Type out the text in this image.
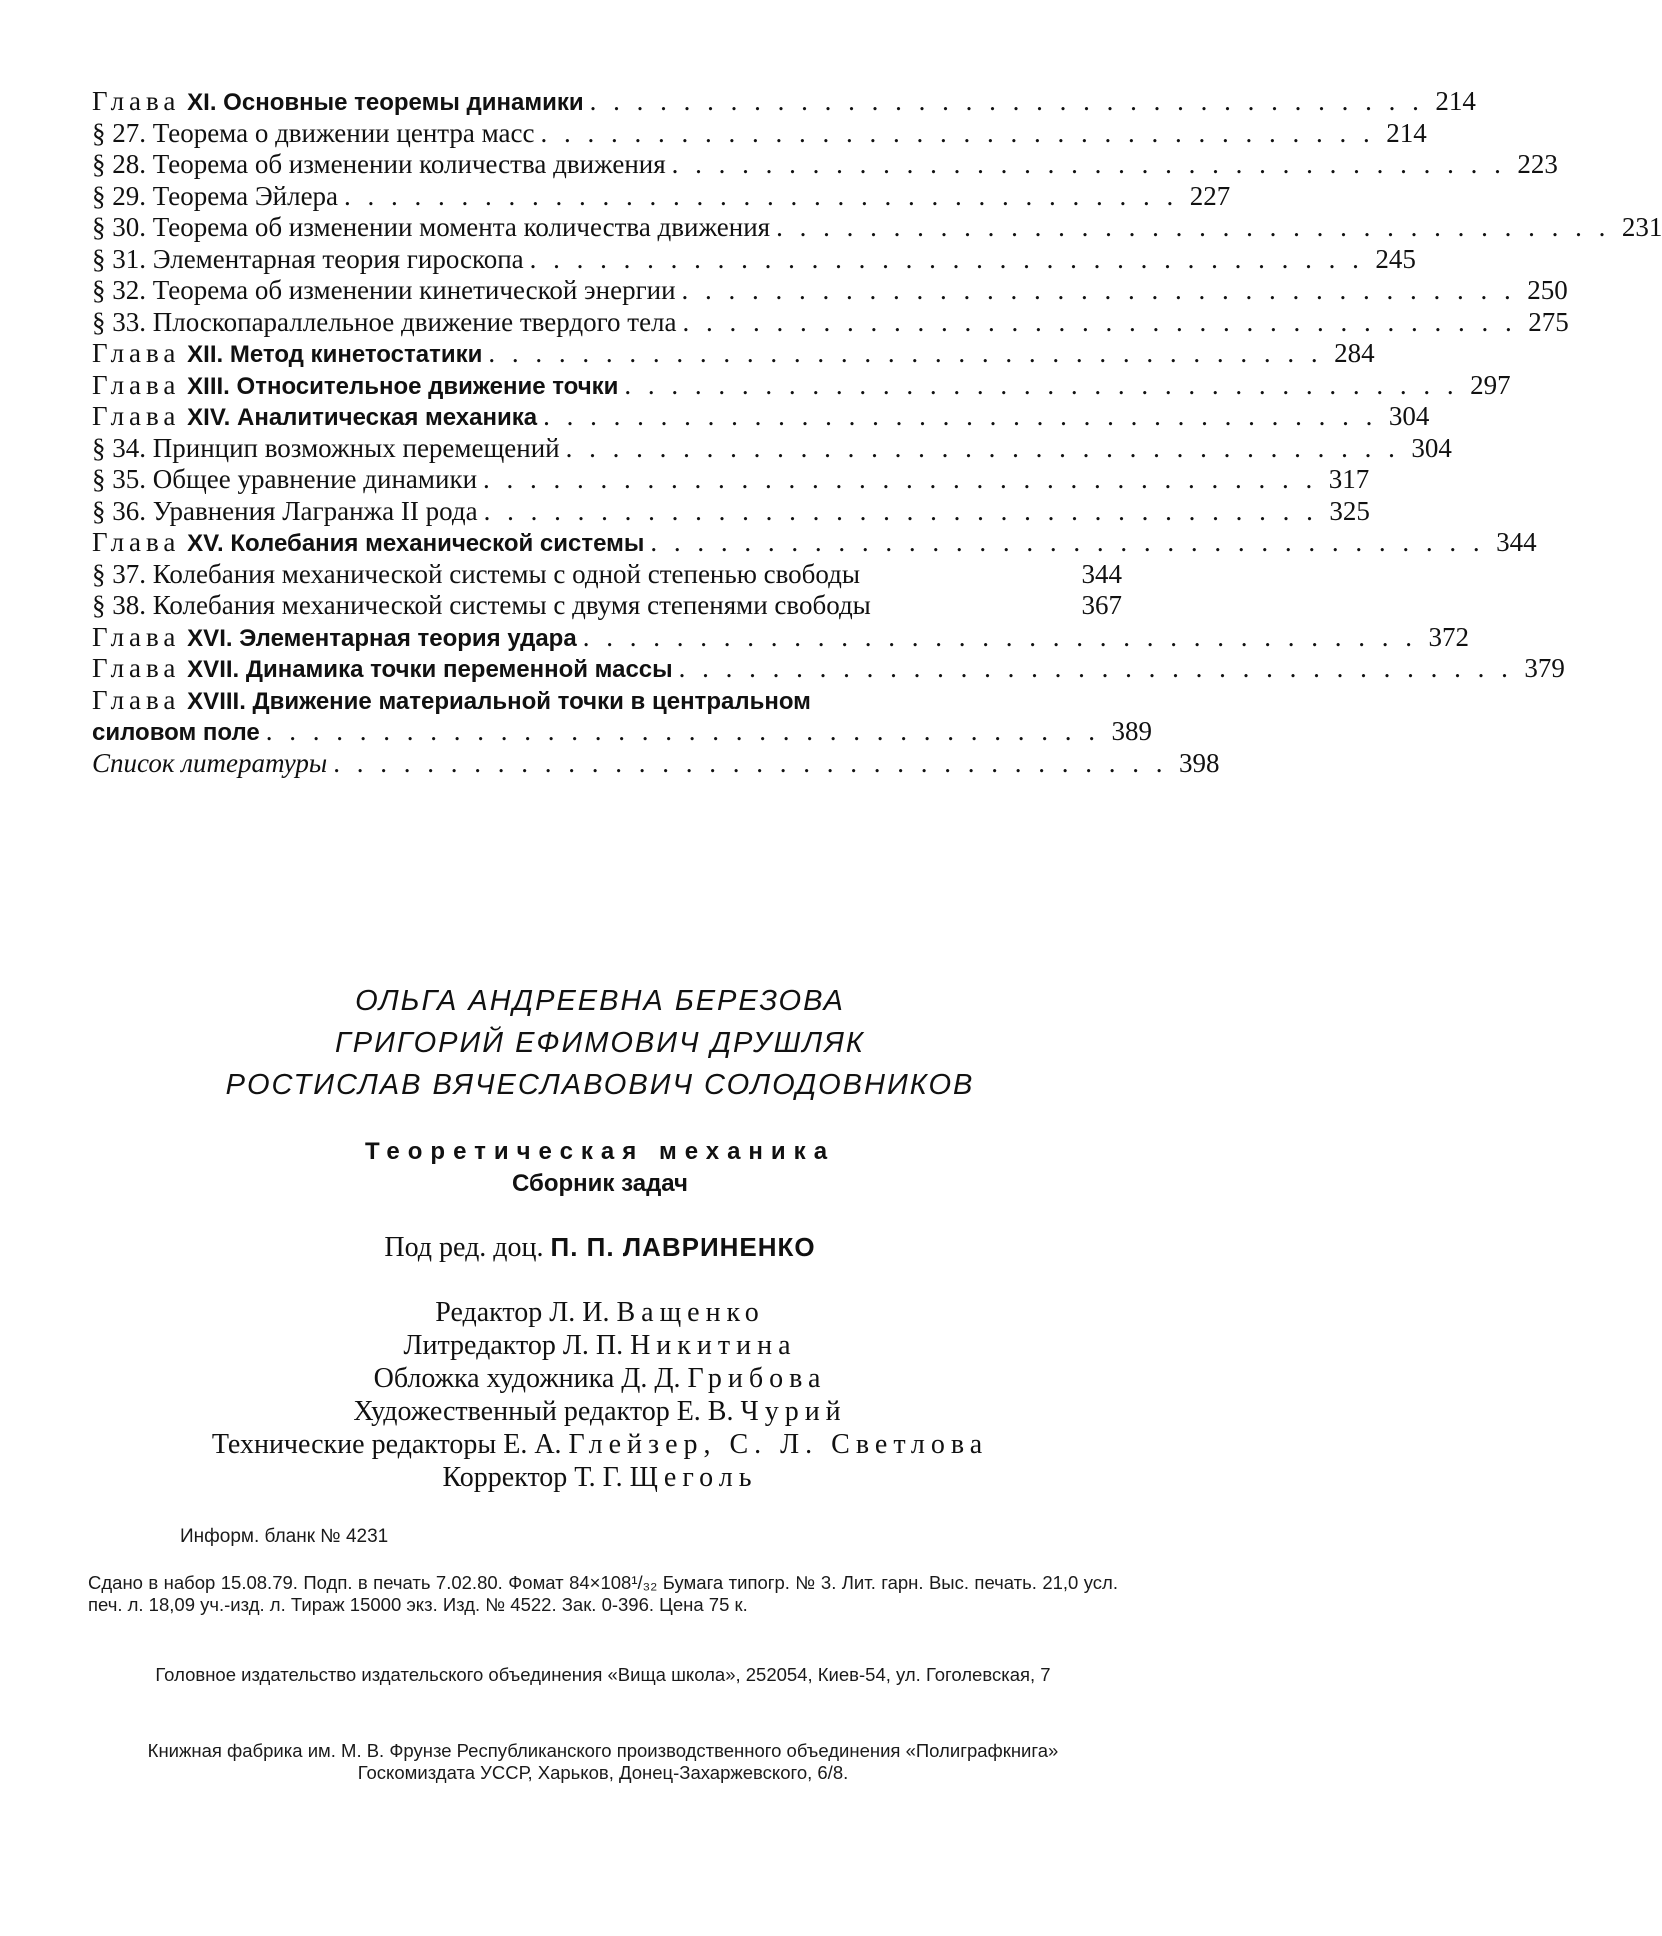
Глава XI. Основные теоремы динамики . . . . . . . . . . . . . . . . . . . . . . . . . . . . . . . . . . . . 214
§ 27. Теорема о движении центра масс . . . . . . . . . . . . . . . . . . . . . . . . . . . . . . . . . . . . 214
§ 28. Теорема об изменении количества движения . . . . . . . . . . . . . . . . . . . . . . . . . . . . . . . . . . . . 223
§ 29. Теорема Эйлера . . . . . . . . . . . . . . . . . . . . . . . . . . . . . . . . . . . . 227
§ 30. Теорема об изменении момента количества движения . . . . . . . . . . . . . . . . . . . . . . . . . . . . . . . . . . . . 231
§ 31. Элементарная теория гироскопа . . . . . . . . . . . . . . . . . . . . . . . . . . . . . . . . . . . . 245
§ 32. Теорема об изменении кинетической энергии . . . . . . . . . . . . . . . . . . . . . . . . . . . . . . . . . . . . 250
§ 33. Плоскопараллельное движение твердого тела . . . . . . . . . . . . . . . . . . . . . . . . . . . . . . . . . . . . 275
Глава XII. Метод кинетостатики . . . . . . . . . . . . . . . . . . . . . . . . . . . . . . . . . . . . 284
Глава XIII. Относительное движение точки . . . . . . . . . . . . . . . . . . . . . . . . . . . . . . . . . . . . 297
Глава XIV. Аналитическая механика . . . . . . . . . . . . . . . . . . . . . . . . . . . . . . . . . . . . 304
§ 34. Принцип возможных перемещений . . . . . . . . . . . . . . . . . . . . . . . . . . . . . . . . . . . . 304
§ 35. Общее уравнение динамики . . . . . . . . . . . . . . . . . . . . . . . . . . . . . . . . . . . . 317
§ 36. Уравнения Лагранжа II рода . . . . . . . . . . . . . . . . . . . . . . . . . . . . . . . . . . . . 325
Глава XV. Колебания механической системы . . . . . . . . . . . . . . . . . . . . . . . . . . . . . . . . . . . . 344
§ 37. Колебания механической системы с одной степенью свободы	344
§ 38. Колебания механической системы с двумя степенями свободы	367
Глава XVI. Элементарная теория удара . . . . . . . . . . . . . . . . . . . . . . . . . . . . . . . . . . . . 372
Глава XVII. Динамика точки переменной массы . . . . . . . . . . . . . . . . . . . . . . . . . . . . . . . . . . . . 379
Глава XVIII. Движение материальной точки в центральном
силовом поле . . . . . . . . . . . . . . . . . . . . . . . . . . . . . . . . . . . . 389
Список литературы . . . . . . . . . . . . . . . . . . . . . . . . . . . . . . . . . . . . 398
ОЛЬГА АНДРЕЕВНА БЕРЕЗОВА
ГРИГОРИЙ ЕФИМОВИЧ ДРУШЛЯК
РОСТИСЛАВ ВЯЧЕСЛАВОВИЧ СОЛОДОВНИКОВ
Теоретическая механика
Сборник задач
Под ред. доц. П. П. ЛАВРИНЕНКО
Редактор Л. И. Ващенко
Литредактор Л. П. Никитина
Обложка художника Д. Д. Грибова
Художественный редактор Е. В. Чурий
Технические редакторы Е. А. Глейзер, С. Л. Светлова
Корректор Т. Г. Щеголь
Информ. бланк № 4231
Сдано в набор 15.08.79. Подп. в печать 7.02.80. Фомат 84×108¹/₃₂ Бумага типогр. № 3. Лит. гарн. Выс. печать. 21,0 усл. печ. л. 18,09 уч.-изд. л. Тираж 15000 экз. Изд. № 4522. Зак. 0-396. Цена 75 к.
Головное издательство издательского объединения «Вища школа», 252054, Киев-54, ул. Гоголевская, 7
Книжная фабрика им. М. В. Фрунзе Республиканского производственного объединения «Полиграфкнига» Госкомиздата УССР, Харьков, Донец-Захаржевского, 6/8.
